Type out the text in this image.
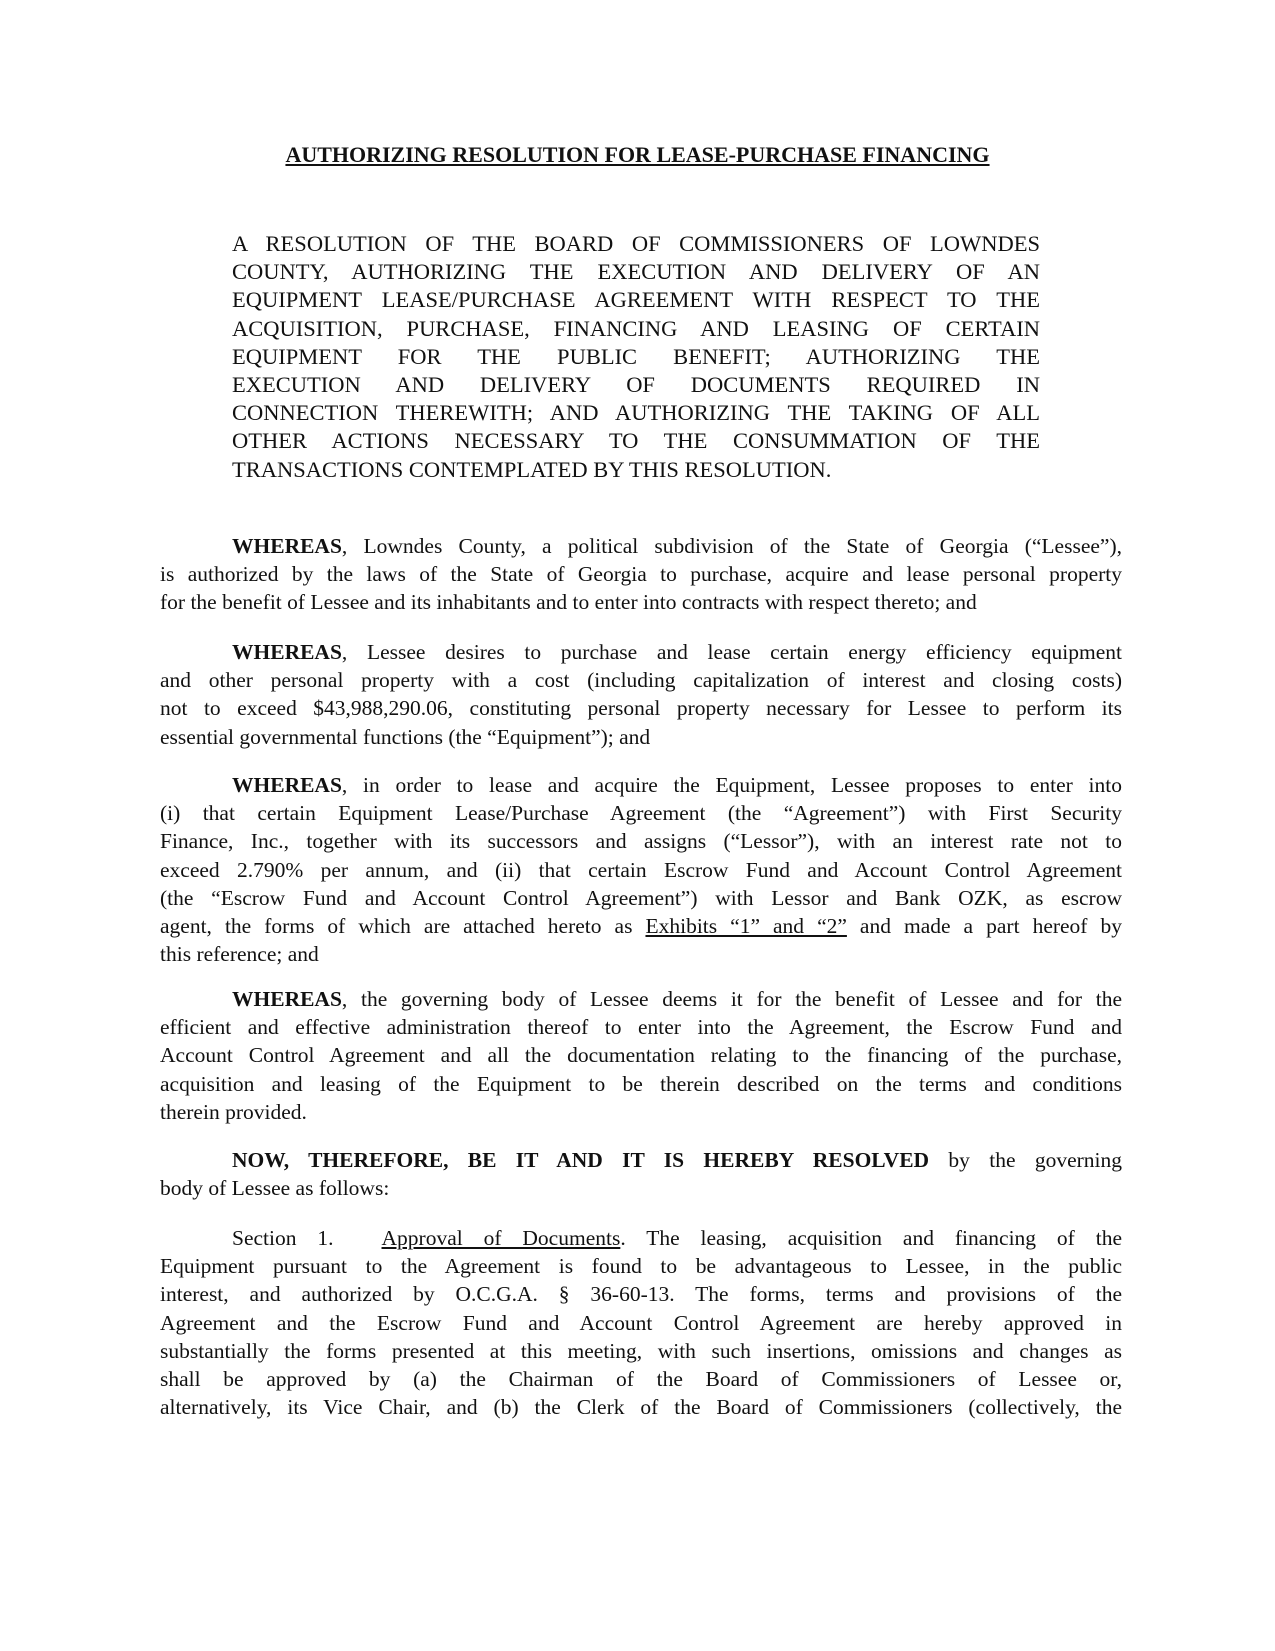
AUTHORIZING RESOLUTION FOR LEASE-PURCHASE FINANCING
A RESOLUTION OF THE BOARD OF COMMISSIONERS OF LOWNDES
COUNTY, AUTHORIZING THE EXECUTION AND DELIVERY OF AN
EQUIPMENT LEASE/PURCHASE AGREEMENT WITH RESPECT TO THE
ACQUISITION, PURCHASE, FINANCING AND LEASING OF CERTAIN
EQUIPMENT FOR THE PUBLIC BENEFIT; AUTHORIZING THE
EXECUTION AND DELIVERY OF DOCUMENTS REQUIRED IN
CONNECTION THEREWITH; AND AUTHORIZING THE TAKING OF ALL
OTHER ACTIONS NECESSARY TO THE CONSUMMATION OF THE
TRANSACTIONS CONTEMPLATED BY THIS RESOLUTION.
WHEREAS, Lowndes County, a political subdivision of the State of Georgia (“Lessee”),
is authorized by the laws of the State of Georgia to purchase, acquire and lease personal property
for the benefit of Lessee and its inhabitants and to enter into contracts with respect thereto; and
WHEREAS, Lessee desires to purchase and lease certain energy efficiency equipment
and other personal property with a cost (including capitalization of interest and closing costs)
not to exceed $43,988,290.06, constituting personal property necessary for Lessee to perform its
essential governmental functions (the “Equipment”); and
WHEREAS, in order to lease and acquire the Equipment, Lessee proposes to enter into
(i) that certain Equipment Lease/Purchase Agreement (the “Agreement”) with First Security
Finance, Inc., together with its successors and assigns (“Lessor”), with an interest rate not to
exceed 2.790% per annum, and (ii) that certain Escrow Fund and Account Control Agreement
(the “Escrow Fund and Account Control Agreement”) with Lessor and Bank OZK, as escrow
agent, the forms of which are attached hereto as Exhibits “1” and “2” and made a part hereof by
this reference; and
WHEREAS, the governing body of Lessee deems it for the benefit of Lessee and for the
efficient and effective administration thereof to enter into the Agreement, the Escrow Fund and
Account Control Agreement and all the documentation relating to the financing of the purchase,
acquisition and leasing of the Equipment to be therein described on the terms and conditions
therein provided.
NOW, THEREFORE, BE IT AND IT IS HEREBY RESOLVED by the governing
body of Lessee as follows:
Section 1. Approval of Documents. The leasing, acquisition and financing of the
Equipment pursuant to the Agreement is found to be advantageous to Lessee, in the public
interest, and authorized by O.C.G.A. § 36-60-13. The forms, terms and provisions of the
Agreement and the Escrow Fund and Account Control Agreement are hereby approved in
substantially the forms presented at this meeting, with such insertions, omissions and changes as
shall be approved by (a) the Chairman of the Board of Commissioners of Lessee or,
alternatively, its Vice Chair, and (b) the Clerk of the Board of Commissioners (collectively, the
